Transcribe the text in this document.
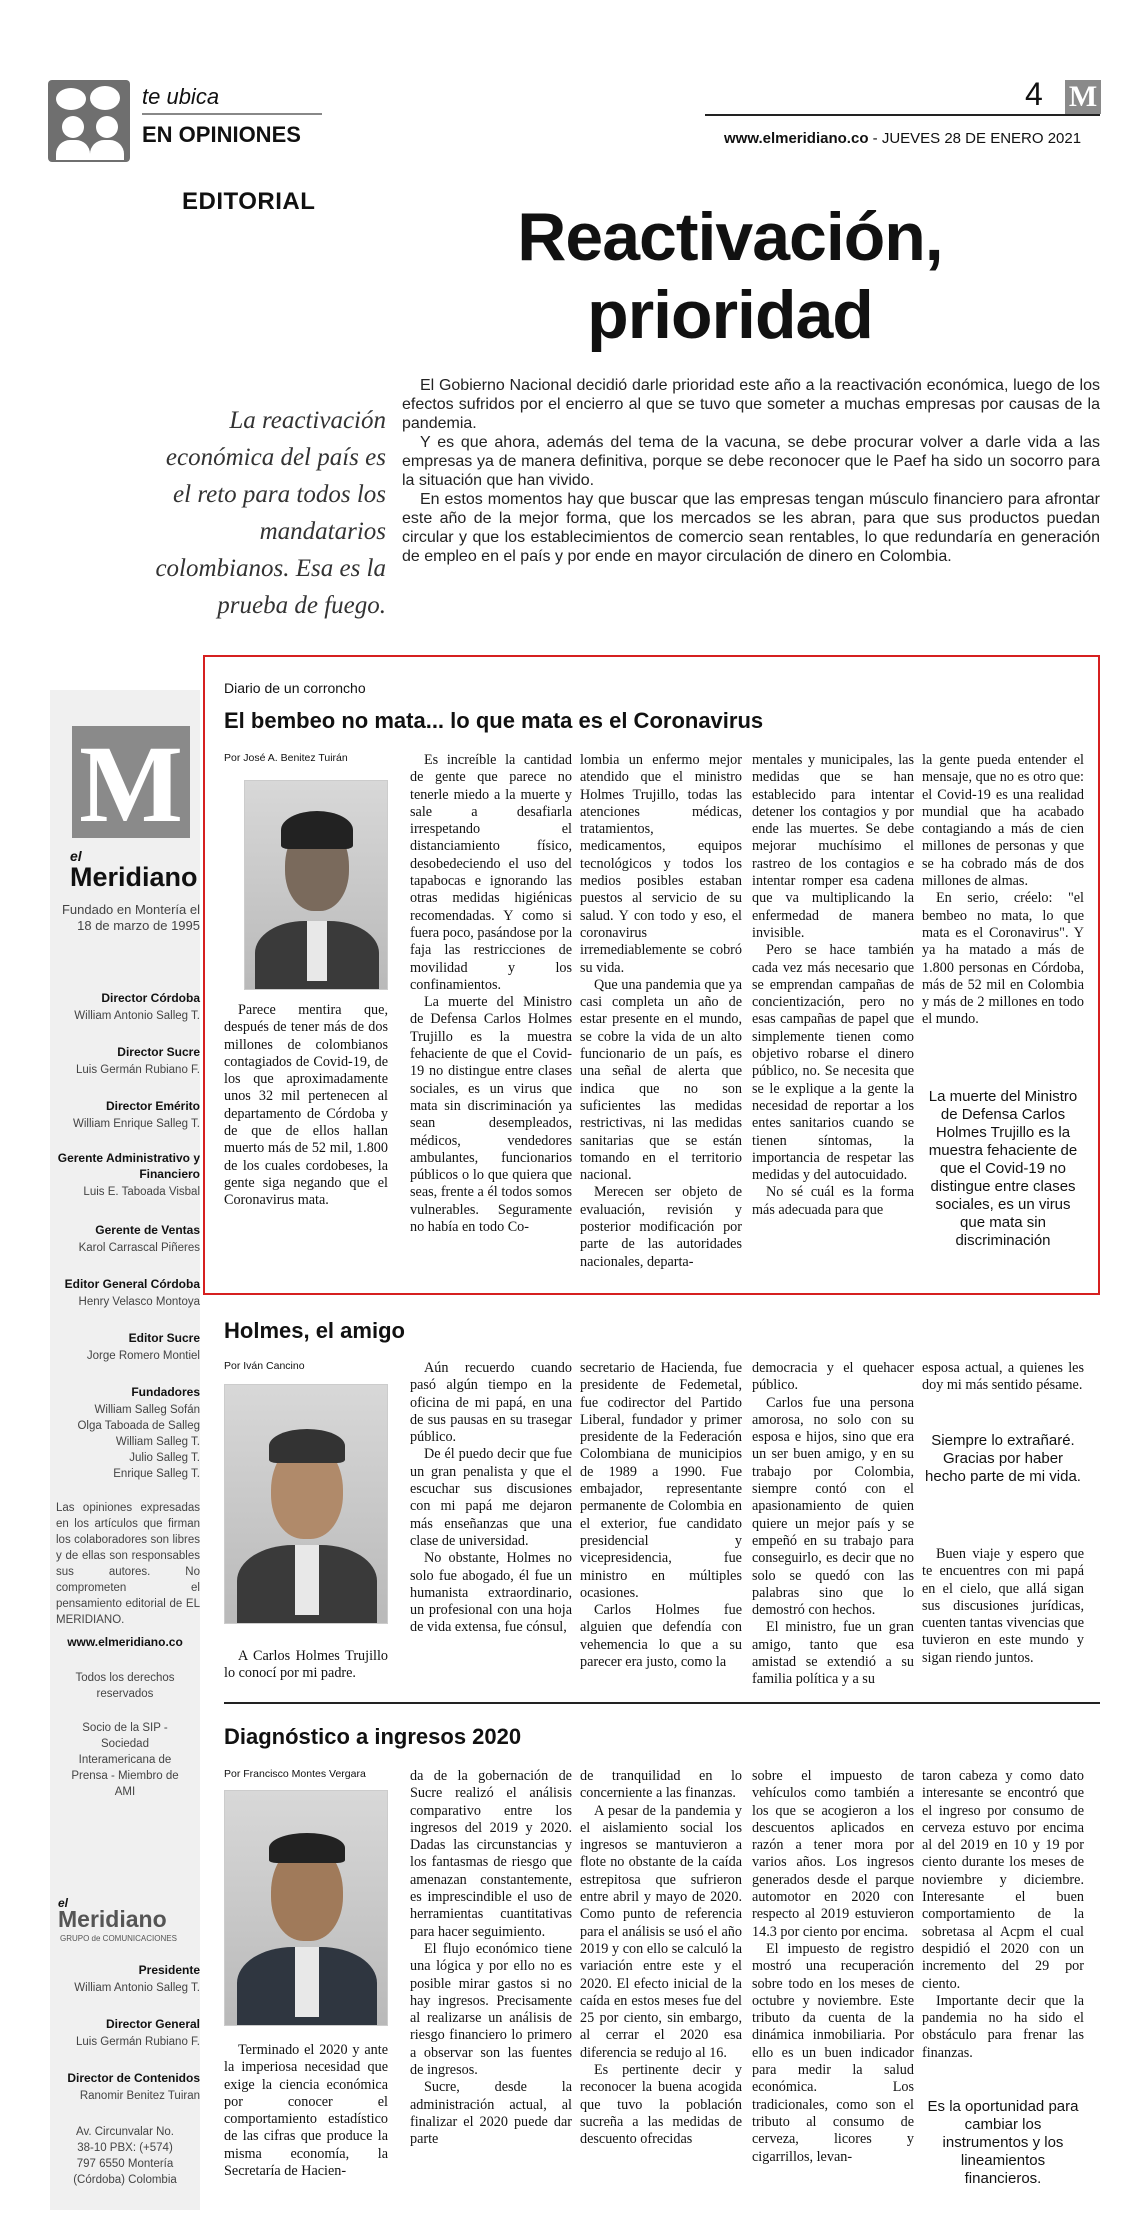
te ubica
EN OPINIONES
4 M
www.elmeridiano.co - JUEVES 28 DE ENERO 2021
EDITORIAL	Reactivación, prioridad
La reactivación económica del país es el reto para todos los mandatarios colombianos. Esa es la prueba de fuego.

El Gobierno Nacional decidió darle prioridad este año a la reactivación económica, luego de los efectos sufridos por el encierro al que se tuvo que someter a muchas empresas por causas de la pandemia.

Y es que ahora, además del tema de la vacuna, se debe procurar volver a darle vida a las empresas ya de manera definitiva, porque se debe reconocer que le Paef ha sido un socorro para la situación que han vivido.

En estos momentos hay que buscar que las empresas tengan músculo financiero para afrontar este año de la mejor forma, que los mercados se les abran, para que sus productos puedan circular y que los establecimientos de comercio sean rentables, lo que redundaría en generación de empleo en el país y por ende en mayor circulación de dinero en Colombia.

M
el
Meridiano
Fundado en Montería el 18 de marzo de 1995
Director Córdoba
William Antonio Salleg T.
Director Sucre
Luis Germán Rubiano F.
Director Emérito
William Enrique Salleg T.
Gerente Administrativo y Financiero
Luis E. Taboada Visbal
Gerente de Ventas
Karol Carrascal Piñeres
Editor General Córdoba
Henry Velasco Montoya
Editor Sucre
Jorge Romero Montiel
Fundadores
William Salleg Sofán
Olga Taboada de Salleg
William Salleg T.
Julio Salleg T.
Enrique Salleg T.
Las opiniones expresadas en los artículos que firman los colaboradores son libres y de ellas son responsables sus autores. No comprometen el pensamiento editorial de EL MERIDIANO.
www.elmeridiano.co
Todos los derechos reservados
Socio de la SIP - Sociedad Interamericana de Prensa - Miembro de AMI
el
Meridiano
GRUPO de COMUNICACIONES
Presidente
William Antonio Salleg T.
Director General
Luis Germán Rubiano F.
Director de Contenidos
Ranomir Benitez Tuiran
Av. Circunvalar No. 38-10 PBX: (+574) 797 6550 Montería (Córdoba) Colombia
Diario de un corroncho
El bembeo no mata... lo que mata es el Coronavirus
Por José A. Benitez Tuirán

Parece mentira que, después de tener más de dos millones de colombianos contagiados de Covid-19, de los que aproximadamente unos 32 mil pertenecen al departamento de Córdoba y de que de ellos hallan muerto más de 52 mil, 1.800 de los cuales cordobeses, la gente siga negando que el Coronavirus mata.

Es increíble la cantidad de gente que parece no tenerle miedo a la muerte y sale a desafiarla irrespetando el distanciamiento físico, desobedeciendo el uso del tapabocas e ignorando las otras medidas higiénicas recomendadas. Y como si fuera poco, pasándose por la faja las restricciones de movilidad y los confinamientos.

La muerte del Ministro de Defensa Carlos Holmes Trujillo es la muestra fehaciente de que el Covid-19 no distingue entre clases sociales, es un virus que mata sin discriminación ya sean desempleados, médicos, vendedores ambulantes, funcionarios públicos o lo que quiera que seas, frente a él todos somos vulnerables. Seguramente no había en todo Co-

lombia un enfermo mejor atendido que el ministro Holmes Trujillo, todas las atenciones médicas, tratamientos, medicamentos, equipos tecnológicos y todos los medios posibles estaban puestos al servicio de su salud. Y con todo y eso, el coronavirus irremediablemente se cobró su vida.

Que una pandemia que ya casi completa un año de estar presente en el mundo, se cobre la vida de un alto funcionario de un país, es una señal de alerta que indica que no son suficientes las medidas restrictivas, ni las medidas sanitarias que se están tomando en el territorio nacional.

Merecen ser objeto de evaluación, revisión y posterior modificación por parte de las autoridades nacionales, departa-

mentales y municipales, las medidas que se han establecido para intentar detener los contagios y por ende las muertes. Se debe mejorar muchísimo el rastreo de los contagios e intentar romper esa cadena que va multiplicando la enfermedad de manera invisible.

Pero se hace también cada vez más necesario que se emprendan campañas de concientización, pero no esas campañas de papel que simplemente tienen como objetivo robarse el dinero público, no. Se necesita que se le explique a la gente la necesidad de reportar a los entes sanitarios cuando se tienen síntomas, la importancia de respetar las medidas y del autocuidado.

No sé cuál es la forma más adecuada para que

la gente pueda entender el mensaje, que no es otro que: el Covid-19 es una realidad mundial que ha acabado contagiando a más de cien millones de personas y que se ha cobrado más de dos millones de almas.

En serio, créelo: "el bembeo no mata, lo que mata es el Coronavirus". Y ya ha matado a más de 1.800 personas en Córdoba, más de 52 mil en Colombia y más de 2 millones en todo el mundo.

La muerte del Ministro de Defensa Carlos Holmes Trujillo es la muestra fehaciente de que el Covid-19 no distingue entre clases sociales, es un virus que mata sin discriminación
Holmes, el amigo
Por Iván Cancino

A Carlos Holmes Trujillo lo conocí por mi padre.

Aún recuerdo cuando pasó algún tiempo en la oficina de mi papá, en una de sus pausas en su trasegar público.

De él puedo decir que fue un gran penalista y que el escuchar sus discusiones con mi papá me dejaron más enseñanzas que una clase de universidad.

No obstante, Holmes no solo fue abogado, él fue un humanista extraordinario, un profesional con una hoja de vida extensa, fue cónsul,

secretario de Hacienda, fue presidente de Fedemetal, fue codirector del Partido Liberal, fundador y primer presidente de la Federación Colombiana de municipios de 1989 a 1990. Fue embajador, representante permanente de Colombia en el exterior, fue candidato presidencial y vicepresidencia, fue ministro en múltiples ocasiones.

Carlos Holmes fue alguien que defendía con vehemencia lo que a su parecer era justo, como la

democracia y el quehacer público.

Carlos fue una persona amorosa, no solo con su esposa e hijos, sino que era un ser buen amigo, y en su trabajo por Colombia, siempre contó con el apasionamiento de quien quiere un mejor país y se empeñó en su trabajo para conseguirlo, es decir que no solo se quedó con las palabras sino que lo demostró con hechos.

El ministro, fue un gran amigo, tanto que esa amistad se extendió a su familia política y a su

esposa actual, a quienes les doy mi más sentido pésame.

Siempre lo extrañaré. Gracias por haber hecho parte de mi vida.

Buen viaje y espero que te encuentres con mi papá en el cielo, que allá sigan sus discusiones jurídicas, cuenten tantas vivencias que tuvieron en este mundo y sigan riendo juntos.

Diagnóstico a ingresos 2020
Por Francisco Montes Vergara

Terminado el 2020 y ante la imperiosa necesidad que exige la ciencia económica por conocer el comportamiento estadístico de las cifras que produce la misma economía, la Secretaría de Hacien-

da de la gobernación de Sucre realizó el análisis comparativo entre los ingresos del 2019 y 2020. Dadas las circunstancias y los fantasmas de riesgo que amenazan constantemente, es imprescindible el uso de herramientas cuantitativas para hacer seguimiento.

El flujo económico tiene una lógica y por ello no es posible mirar gastos si no hay ingresos. Precisamente al realizarse un análisis de riesgo financiero lo primero a observar son las fuentes de ingresos.

Sucre, desde la administración actual, al finalizar el 2020 puede dar parte

de tranquilidad en lo concerniente a las finanzas.

A pesar de la pandemia y el aislamiento social los ingresos se mantuvieron a flote no obstante de la caída estrepitosa que sufrieron entre abril y mayo de 2020. Como punto de referencia para el análisis se usó el año 2019 y con ello se calculó la variación entre este y el 2020. El efecto inicial de la caída en estos meses fue del 25 por ciento, sin embargo, al cerrar el 2020 esa diferencia se redujo al 16.

Es pertinente decir y reconocer la buena acogida que tuvo la población sucreña a las medidas de descuento ofrecidas

sobre el impuesto de vehículos como también a los que se acogieron a los descuentos aplicados en razón a tener mora por varios años. Los ingresos generados desde el parque automotor en 2020 con respecto al 2019 estuvieron 14.3 por ciento por encima.

El impuesto de registro mostró una recuperación sobre todo en los meses de octubre y noviembre. Este tributo da cuenta de la dinámica inmobiliaria. Por ello es un buen indicador para medir la salud económica. Los tradicionales, como son el tributo al consumo de cerveza, licores y cigarrillos, levan-

taron cabeza y como dato interesante se encontró que el ingreso por consumo de cerveza estuvo por encima al del 2019 en 10 y 19 por ciento durante los meses de noviembre y diciembre. Interesante el buen comportamiento de la sobretasa al Acpm el cual despidió el 2020 con un incremento del 29 por ciento.

Importante decir que la pandemia no ha sido el obstáculo para frenar las finanzas.

Es la oportunidad para cambiar los instrumentos y los lineamientos financieros.
